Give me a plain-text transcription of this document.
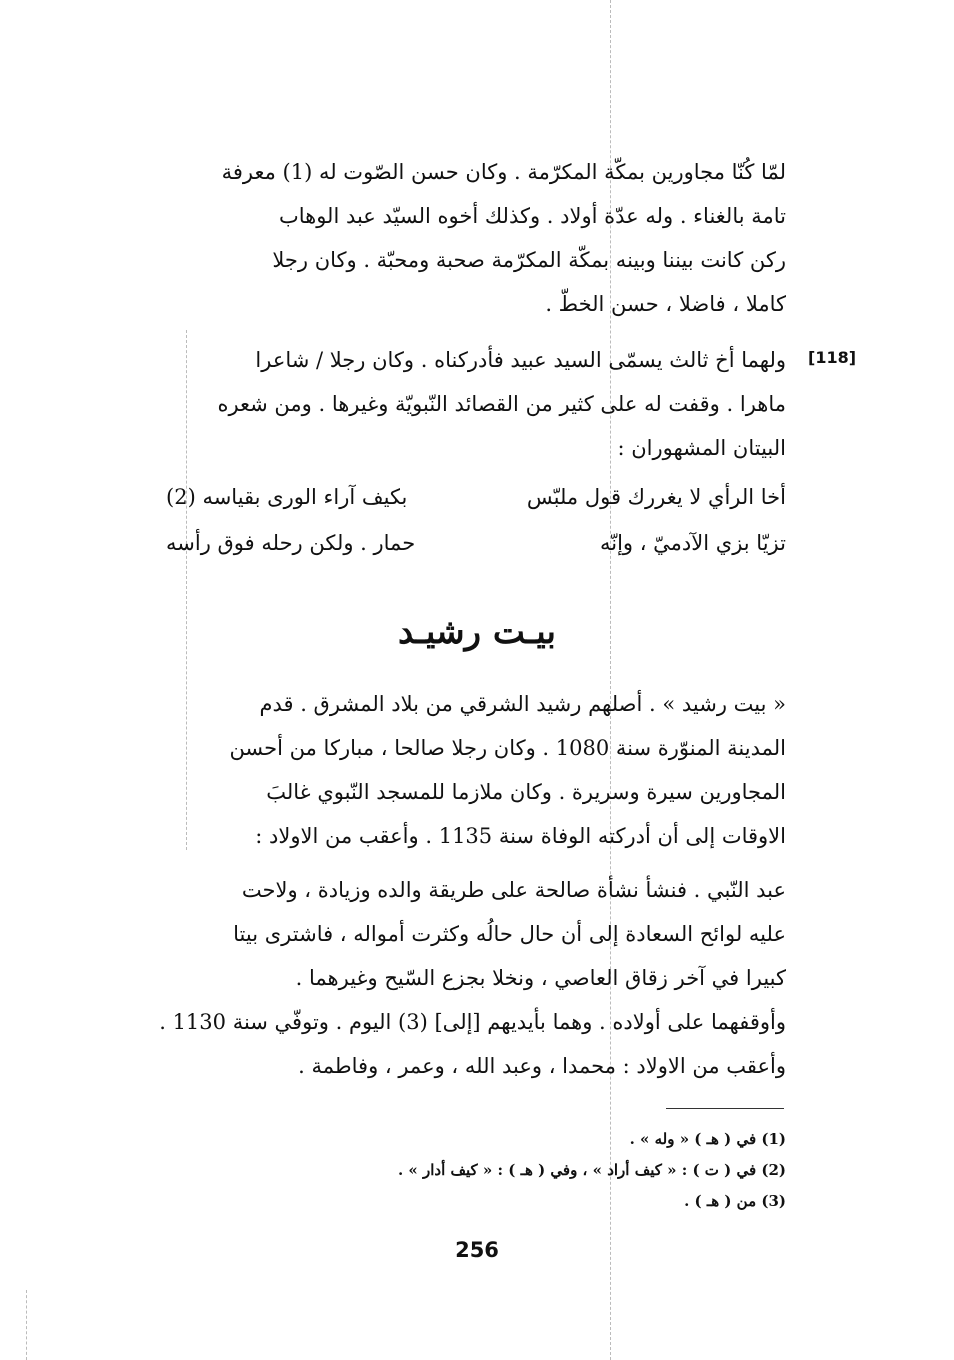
لمّا كُنّا مجاورين بمكّة المكرّمة . وكان حسن الصّوت له (1) معرفة
تامة بالغناء . وله عدّة أولاد . وكذلك أخوه السيّد عبد الوهاب
ركن كانت بيننا وبينه بمكّة المكرّمة صحبة ومحبّة . وكان رجلا
كاملا ، فاضلا ، حسن الخطّ .
[118]
ولهما أخ ثالث يسمّى السيد عبيد فأدركناه . وكان رجلا / شاعرا
ماهرا . وقفت له على كثير من القصائد النّبويّة وغيرها . ومن شعره
البيتان المشهوران :
أخا الرأي لا يغررك قول ملبّس
بكيف آراء الورى بقياسه (2)
تزيّا بزي الآدميّ ، وإنّه
حمار . ولكن رحله فوق رأسه
بيـت رشيـد
« بيت رشيد » . أصلهم رشيد الشرقي من بلاد المشرق . قدم
المدينة المنوّرة سنة 1080 . وكان رجلا صالحا ، مباركا من أحسن
المجاورين سيرة وسريرة . وكان ملازما للمسجد النّبوي غالبَ
الاوقات إلى أن أدركته الوفاة سنة 1135 . وأعقب من الاولاد :
عبد النّبي . فنشأ نشأة صالحة على طريقة والده وزيادة ، ولاحت
عليه لوائح السعادة إلى أن حال حالُه وكثرت أمواله ، فاشترى بيتا
كبيرا في آخر زقاق العاصي ، ونخلا بجزع السّيح وغيرهما .
وأوقفهما على أولاده . وهما بأيديهم [إلى] (3) اليوم . وتوفّي سنة 1130 .
وأعقب من الاولاد : محمدا ، وعبد الله ، وعمر ، وفاطمة .
(1) في ( هـ ) « وله » .
(2) في ( ت ) : « كيف أراد » ، وفي ( هـ ) : « كيف أدار » .
(3) من ( هـ ) .
256
